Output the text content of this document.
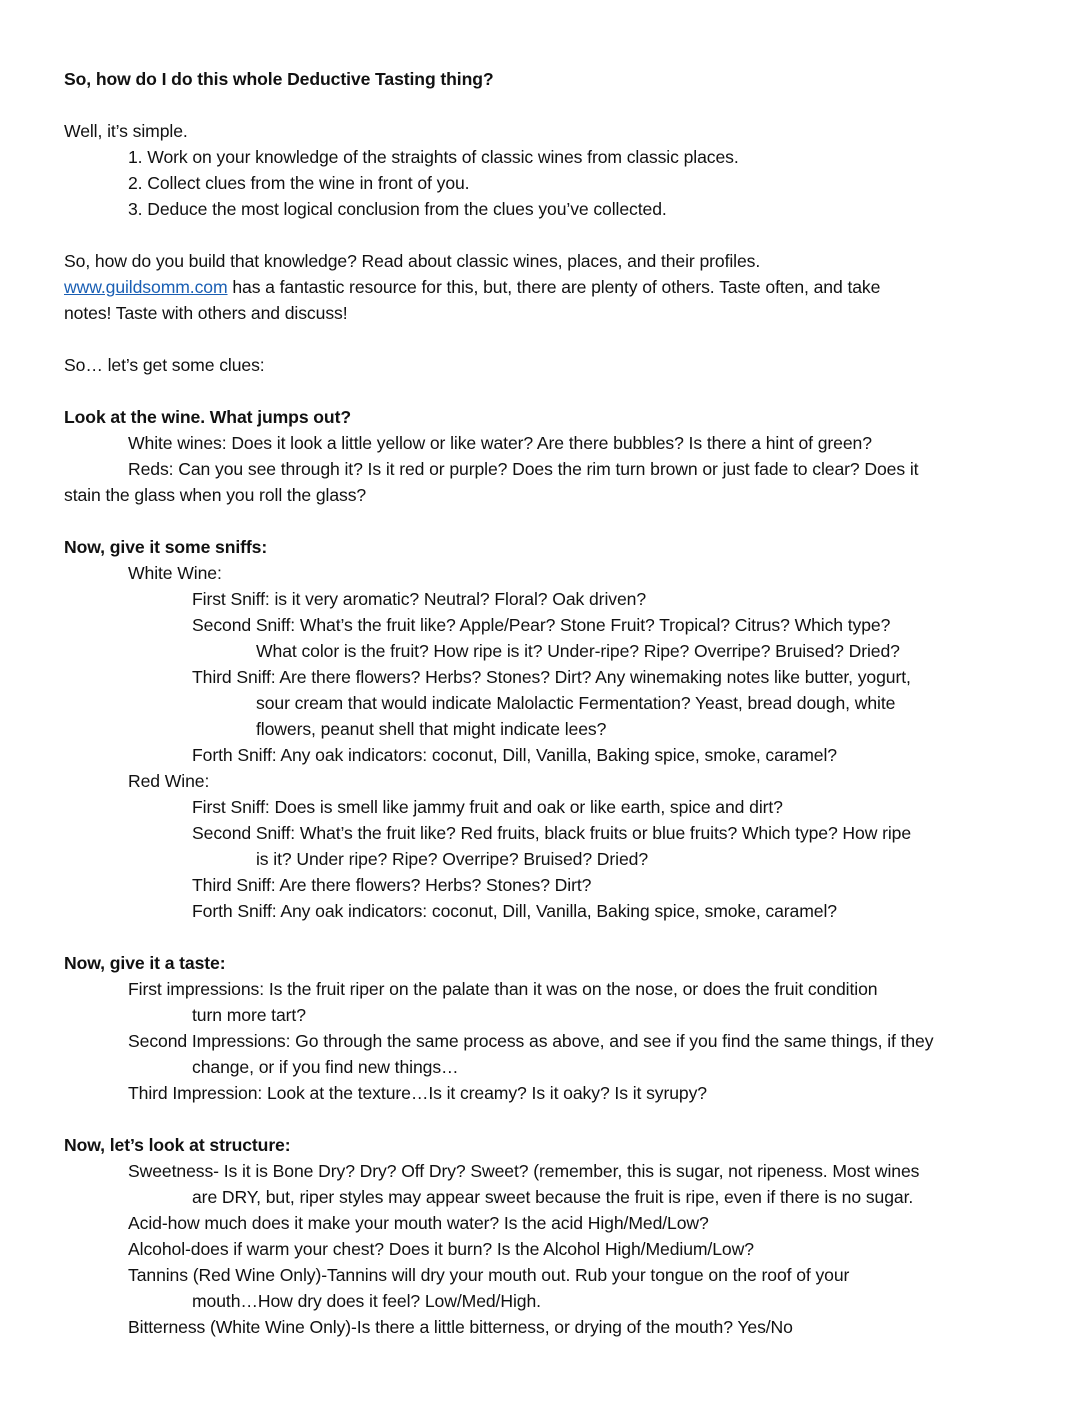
So, how do I do this whole Deductive Tasting thing?
Well, it’s simple.
1. Work on your knowledge of the straights of classic wines from classic places.
2. Collect clues from the wine in front of you.
3. Deduce the most logical conclusion from the clues you’ve collected.
So, how do you build that knowledge? Read about classic wines, places, and their profiles.
www.guildsomm.com has a fantastic resource for this, but, there are plenty of others. Taste often, and take
notes! Taste with others and discuss!
So… let’s get some clues:
Look at the wine. What jumps out?
White wines: Does it look a little yellow or like water? Are there bubbles? Is there a hint of green?
Reds: Can you see through it? Is it red or purple? Does the rim turn brown or just fade to clear? Does it
stain the glass when you roll the glass?
Now, give it some sniffs:
White Wine:
First Sniff: is it very aromatic? Neutral? Floral? Oak driven?
Second Sniff: What’s the fruit like? Apple/Pear? Stone Fruit? Tropical? Citrus? Which type?
What color is the fruit? How ripe is it? Under-ripe? Ripe? Overripe? Bruised? Dried?
Third Sniff: Are there flowers? Herbs? Stones? Dirt? Any winemaking notes like butter, yogurt,
sour cream that would indicate Malolactic Fermentation? Yeast, bread dough, white
flowers, peanut shell that might indicate lees?
Forth Sniff: Any oak indicators: coconut, Dill, Vanilla, Baking spice, smoke, caramel?
Red Wine:
First Sniff: Does is smell like jammy fruit and oak or like earth, spice and dirt?
Second Sniff: What’s the fruit like? Red fruits, black fruits or blue fruits? Which type? How ripe
is it? Under ripe? Ripe? Overripe? Bruised? Dried?
Third Sniff: Are there flowers? Herbs? Stones? Dirt?
Forth Sniff: Any oak indicators: coconut, Dill, Vanilla, Baking spice, smoke, caramel?
Now, give it a taste:
First impressions: Is the fruit riper on the palate than it was on the nose, or does the fruit condition
turn more tart?
Second Impressions: Go through the same process as above, and see if you find the same things, if they
change, or if you find new things…
Third Impression: Look at the texture…Is it creamy? Is it oaky? Is it syrupy?
Now, let’s look at structure:
Sweetness- Is it is Bone Dry? Dry? Off Dry? Sweet? (remember, this is sugar, not ripeness. Most wines
are DRY, but, riper styles may appear sweet because the fruit is ripe, even if there is no sugar.
Acid-how much does it make your mouth water? Is the acid High/Med/Low?
Alcohol-does if warm your chest? Does it burn? Is the Alcohol High/Medium/Low?
Tannins (Red Wine Only)-Tannins will dry your mouth out. Rub your tongue on the roof of your
mouth…How dry does it feel? Low/Med/High.
Bitterness (White Wine Only)-Is there a little bitterness, or drying of the mouth? Yes/No
